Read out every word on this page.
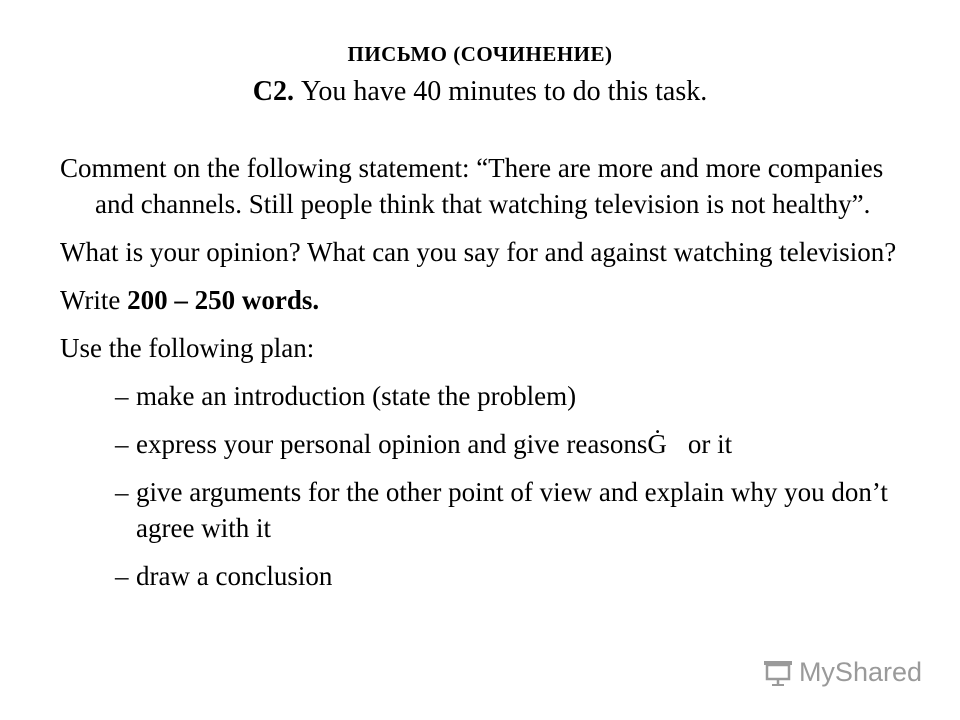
ПИСЬМО (СОЧИНЕНИЕ)
С2. You have 40 minutes to do this task.

Comment on the following statement: “There are more and more companies and channels. Still people think that watching television is not healthy”.

What is your opinion? What can you say for and against watching television?

Write 200 – 250 words.

Use the following plan:

– make an introduction (state the problem)
– express your personal opinion and give reasonsĠ􀀀or it
– give arguments for the other point of view and explain why you don’t agree with it
– draw a conclusion
MyShared
